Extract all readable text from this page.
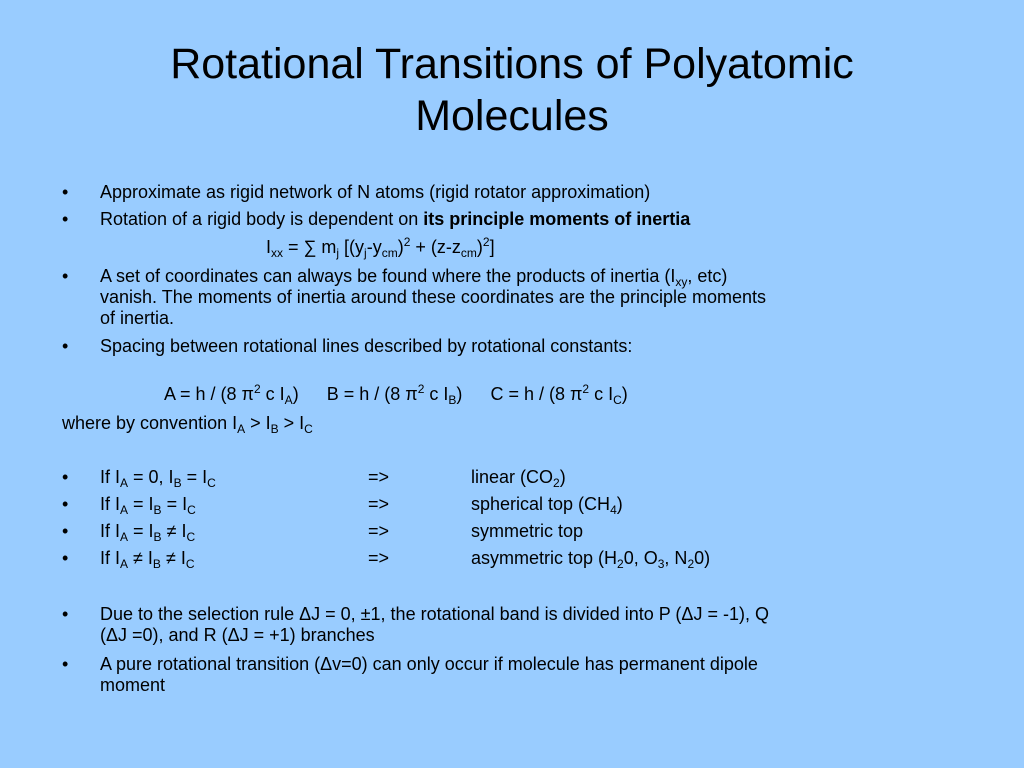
Rotational Transitions of Polyatomic
Molecules
• Approximate as rigid network of N atoms (rigid rotator approximation)
• Rotation of a rigid body is dependent on its principle moments of inertia
$I_{xx}$ = ∑ $m_j$ $[(y_j-y_{cm})^2 + (z-z_{cm})^2]$
• A set of coordinates can always be found where the products of inertia ($I_{xy}$, etc)
vanish. The moments of inertia around these coordinates are the principle moments
of inertia.
• Spacing between rotational lines described by rotational constants:
A = h / (8 $\pi^2$ c $I_A$) B = h / (8 $\pi^2$ c $I_B$) C = h / (8 $\pi^2$ c $I_C$)
where by convention $I_A > I_B > I_C$
• If $I_A = 0$, $I_B = I_C$	=>	linear $(CO_2)$
• If $I_A = I_B = I_C$	=>	spherical top $(CH_4)$
• If $I_A = I_B \ne I_C$	=>	symmetric top
• If $I_A \ne I_B \ne I_C$	=>	asymmetric top ($H_20$, $O_3$, $N_20$)
• Due to the selection rule ΔJ = 0, ±1, the rotational band is divided into P (ΔJ = -1), Q
(ΔJ =0), and R (ΔJ = +1) branches
• A pure rotational transition (Δv=0) can only occur if molecule has permanent dipole
moment
